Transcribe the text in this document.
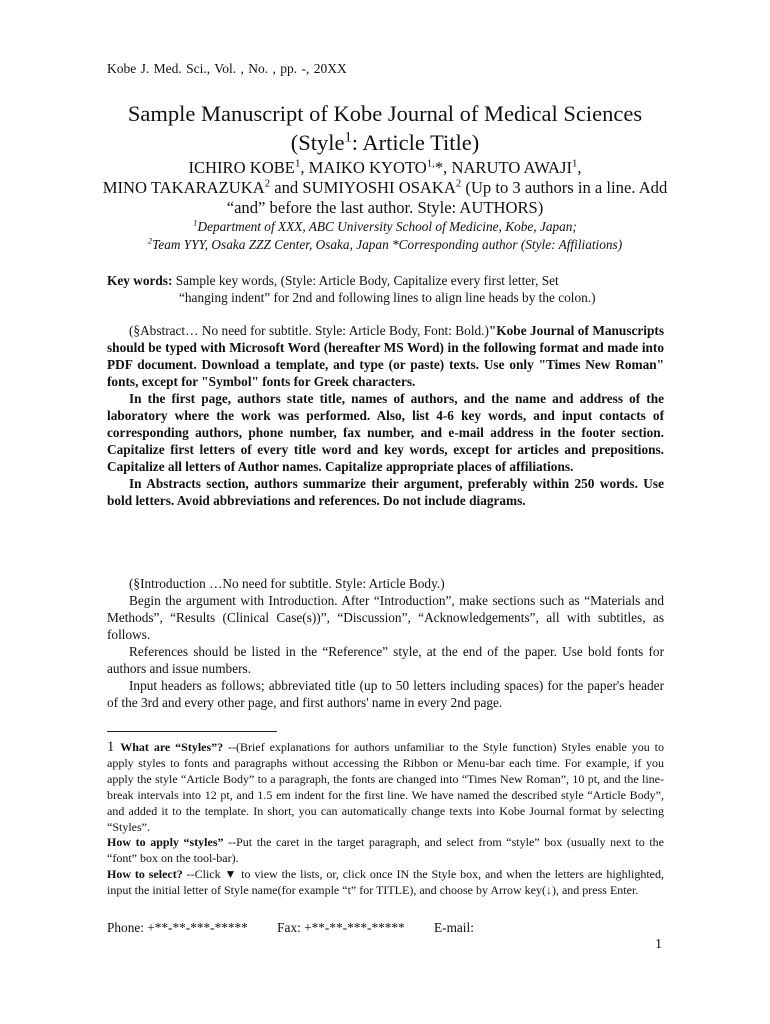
Kobe J. Med. Sci., Vol. , No. , pp. -, 20XX
Sample Manuscript of Kobe Journal of Medical Sciences
(Style$^1$: Article Title)
ICHIRO KOBE$^1$, MAIKO $KYOTO^{1,}*$, NARUTO AWAJI$^1$,
MINO TAKARAZUKA$^2$ and SUMIYOSHI OSAKA$^2$ (Up to 3 authors in a line. Add “and” before the last author. Style: AUTHORS)
$^1$Department of XXX, ABC University School of Medicine, Kobe, Japan;
$^2$Team YYY, Osaka ZZZ Center, Osaka, Japan *Corresponding author (Style: Affiliations)
Key words: Sample key words, (Style: Article Body, Capitalize every first letter, Set
“hanging indent” for 2nd and following lines to align line heads by the colon.)

(§Abstract… No need for subtitle. Style: Article Body, Font: Bold.)"Kobe Journal of Manuscripts should be typed with Microsoft Word (hereafter MS Word) in the following format and made into PDF document. Download a template, and type (or paste) texts. Use only "Times New Roman" fonts, except for "Symbol" fonts for Greek characters.

In the first page, authors state title, names of authors, and the name and address of the laboratory where the work was performed. Also, list 4-6 key words, and input contacts of corresponding authors, phone number, fax number, and e-mail address in the footer section. Capitalize first letters of every title word and key words, except for articles and prepositions. Capitalize all letters of Author names. Capitalize appropriate places of affiliations.

In Abstracts section, authors summarize their argument, preferably within 250 words. Use bold letters. Avoid abbreviations and references. Do not include diagrams.

(§Introduction …No need for subtitle. Style: Article Body.)

Begin the argument with Introduction. After “Introduction”, make sections such as “Materials and Methods”, “Results (Clinical Case(s))”, “Discussion”, “Acknowledgements”, all with subtitles, as follows.

References should be listed in the “Reference” style, at the end of the paper. Use bold fonts for authors and issue numbers.

Input headers as follows; abbreviated title (up to 50 letters including spaces) for the paper's header of the 3rd and every other page, and first authors' name in every 2nd page.

1 What are “Styles”? --(Brief explanations for authors unfamiliar to the Style function) Styles enable you to apply styles to fonts and paragraphs without accessing the Ribbon or Menu-bar each time. For example, if you apply the style “Article Body” to a paragraph, the fonts are changed into “Times New Roman”, 10 pt, and the line-break intervals into 12 pt, and 1.5 em indent for the first line. We have named the described style “Article Body”, and added it to the template. In short, you can automatically change texts into Kobe Journal format by selecting “Styles”.

How to apply “styles” --Put the caret in the target paragraph, and select from “style” box (usually next to the “font” box on the tool-bar).

How to select? --Click ▼ to view the lists, or, click once IN the Style box, and when the letters are highlighted, input the initial letter of Style name(for example “t” for TITLE), and choose by Arrow key(↓), and press Enter.

Phone: +**-**-***-***** Fax: +**-**-***-***** E-mail:
1
